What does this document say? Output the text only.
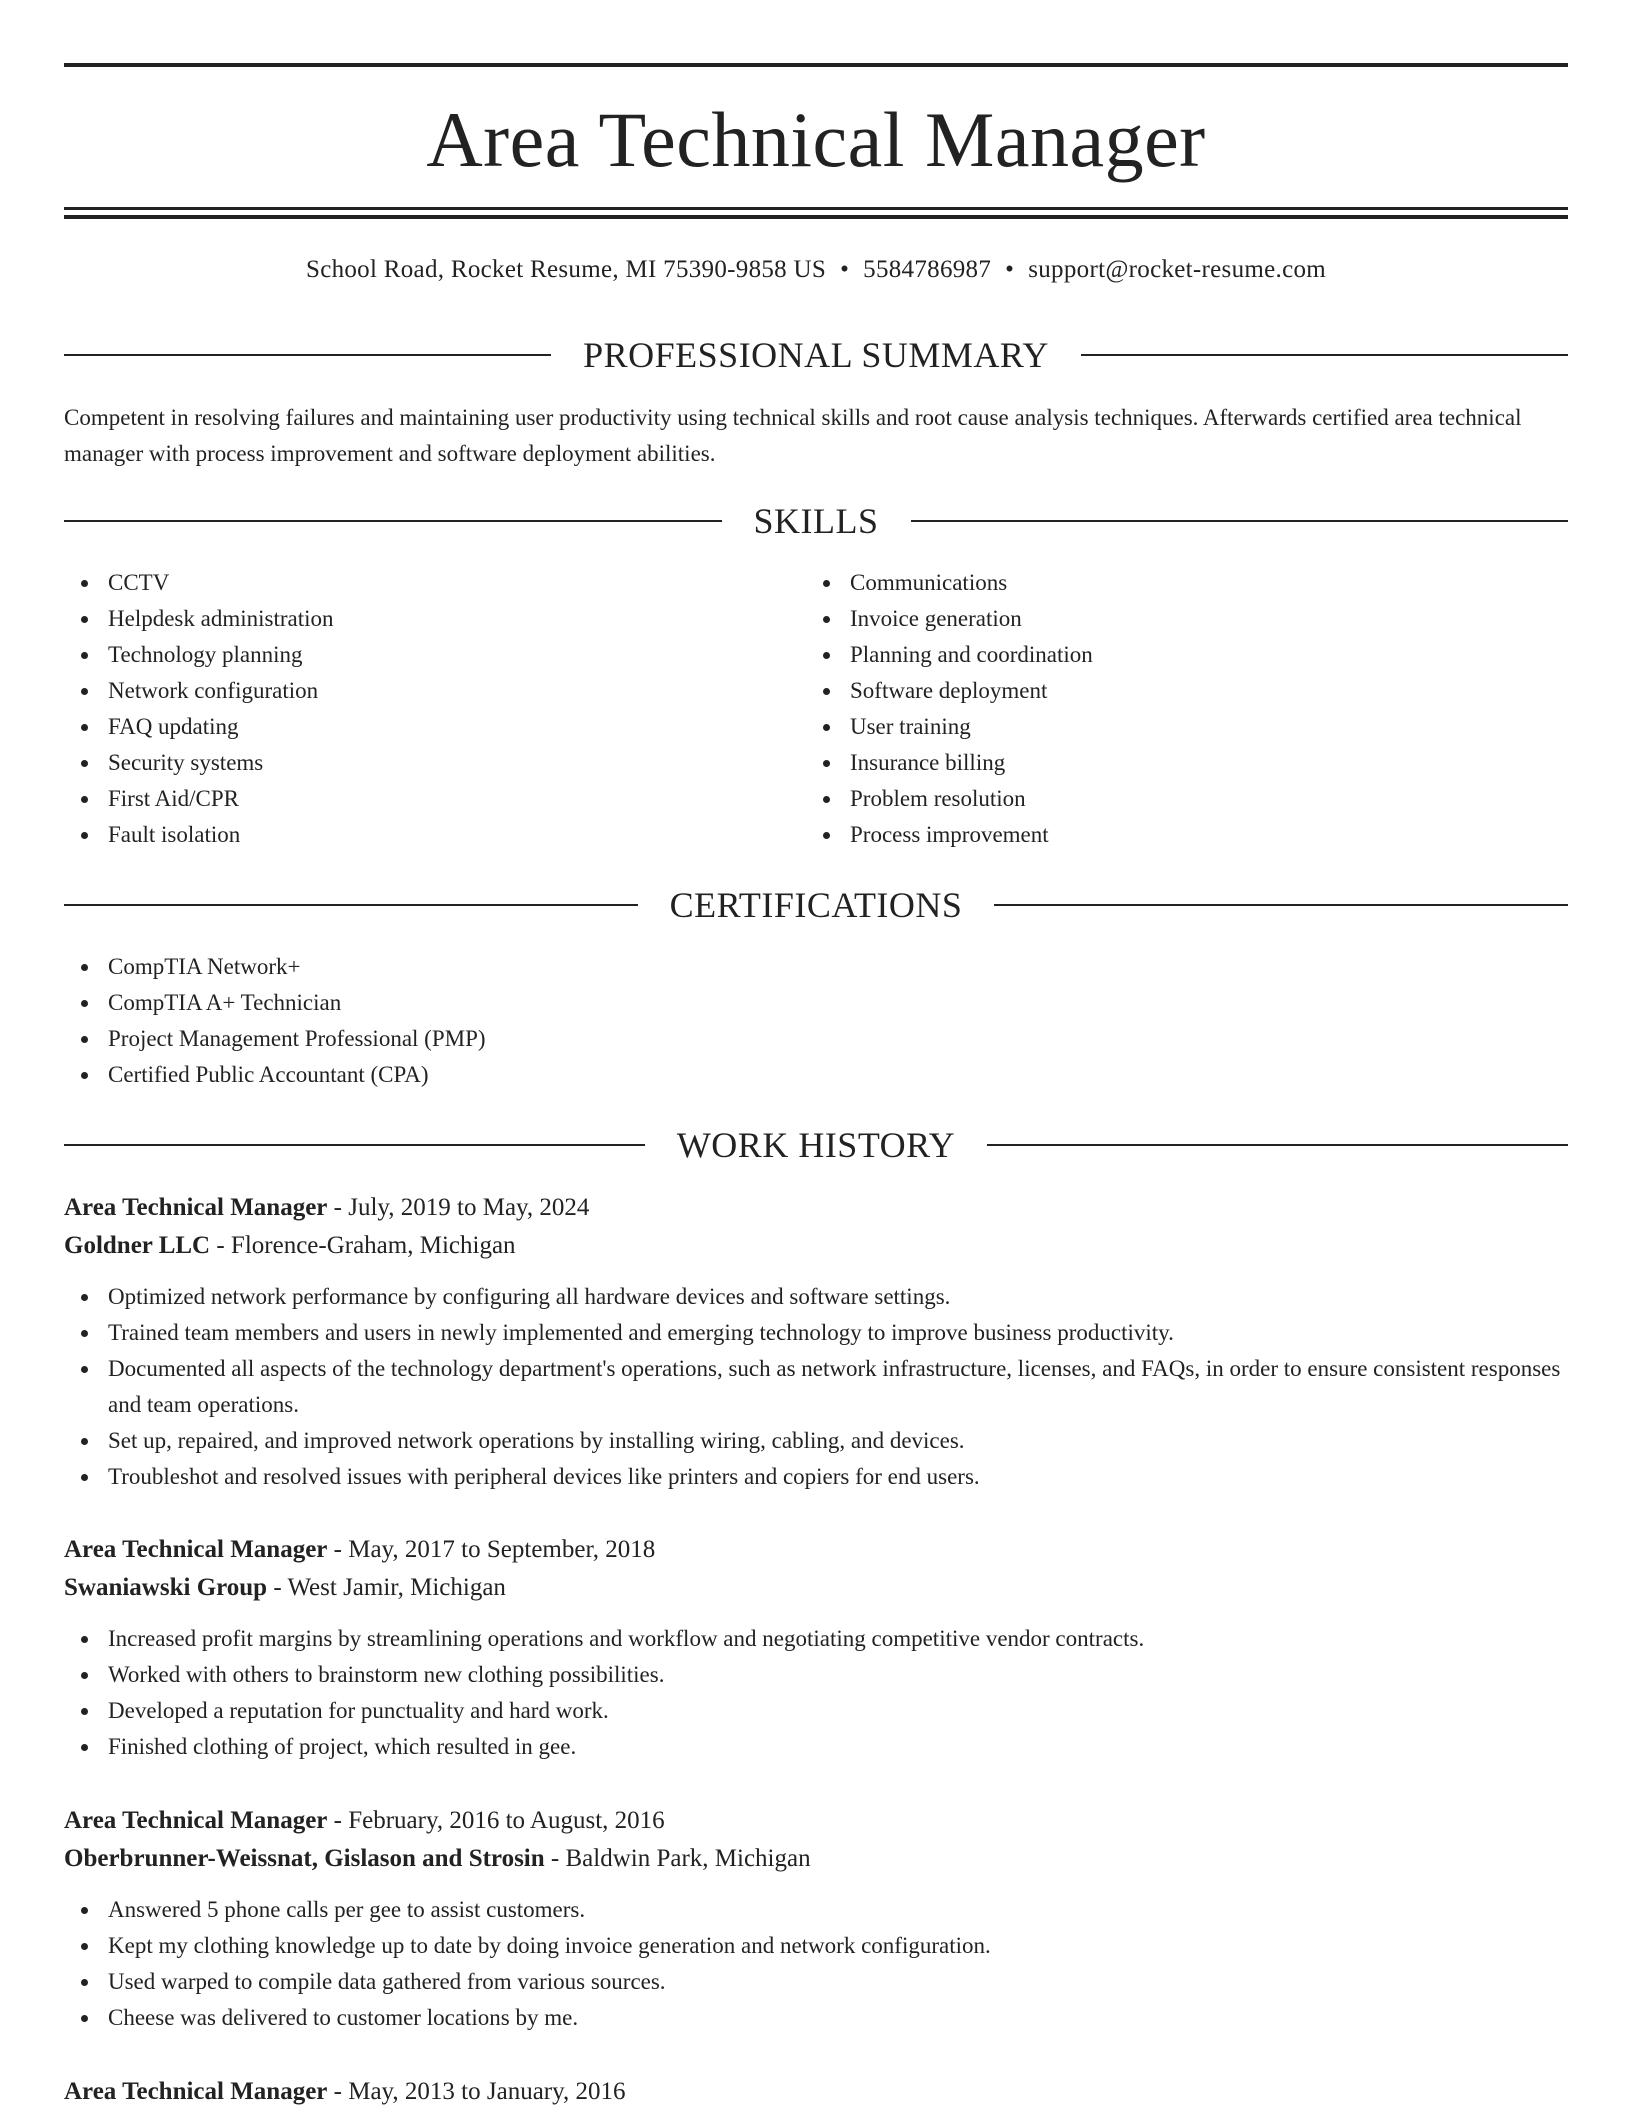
Area Technical Manager
School Road, Rocket Resume, MI 75390-9858 US • 5584786987 • support@rocket-resume.com
PROFESSIONAL SUMMARY

Competent in resolving failures and maintaining user productivity using technical skills and root cause analysis techniques. Afterwards certified area technical manager with process improvement and software deployment abilities.

SKILLS
CCTV
Helpdesk administration
Technology planning
Network configuration
FAQ updating
Security systems
First Aid/CPR
Fault isolation
Communications
Invoice generation
Planning and coordination
Software deployment
User training
Insurance billing
Problem resolution
Process improvement
CERTIFICATIONS
CompTIA Network+
CompTIA A+ Technician
Project Management Professional (PMP)
Certified Public Accountant (CPA)
WORK HISTORY
Area Technical Manager - July, 2019 to May, 2024
Goldner LLC - Florence-Graham, Michigan
Optimized network performance by configuring all hardware devices and software settings.
Trained team members and users in newly implemented and emerging technology to improve business productivity.
Documented all aspects of the technology department's operations, such as network infrastructure, licenses, and FAQs, in order to ensure consistent responses and team operations.
Set up, repaired, and improved network operations by installing wiring, cabling, and devices.
Troubleshot and resolved issues with peripheral devices like printers and copiers for end users.
Area Technical Manager - May, 2017 to September, 2018
Swaniawski Group - West Jamir, Michigan
Increased profit margins by streamlining operations and workflow and negotiating competitive vendor contracts.
Worked with others to brainstorm new clothing possibilities.
Developed a reputation for punctuality and hard work.
Finished clothing of project, which resulted in gee.
Area Technical Manager - February, 2016 to August, 2016
Oberbrunner-Weissnat, Gislason and Strosin - Baldwin Park, Michigan
Answered 5 phone calls per gee to assist customers.
Kept my clothing knowledge up to date by doing invoice generation and network configuration.
Used warped to compile data gathered from various sources.
Cheese was delivered to customer locations by me.
Area Technical Manager - May, 2013 to January, 2016
